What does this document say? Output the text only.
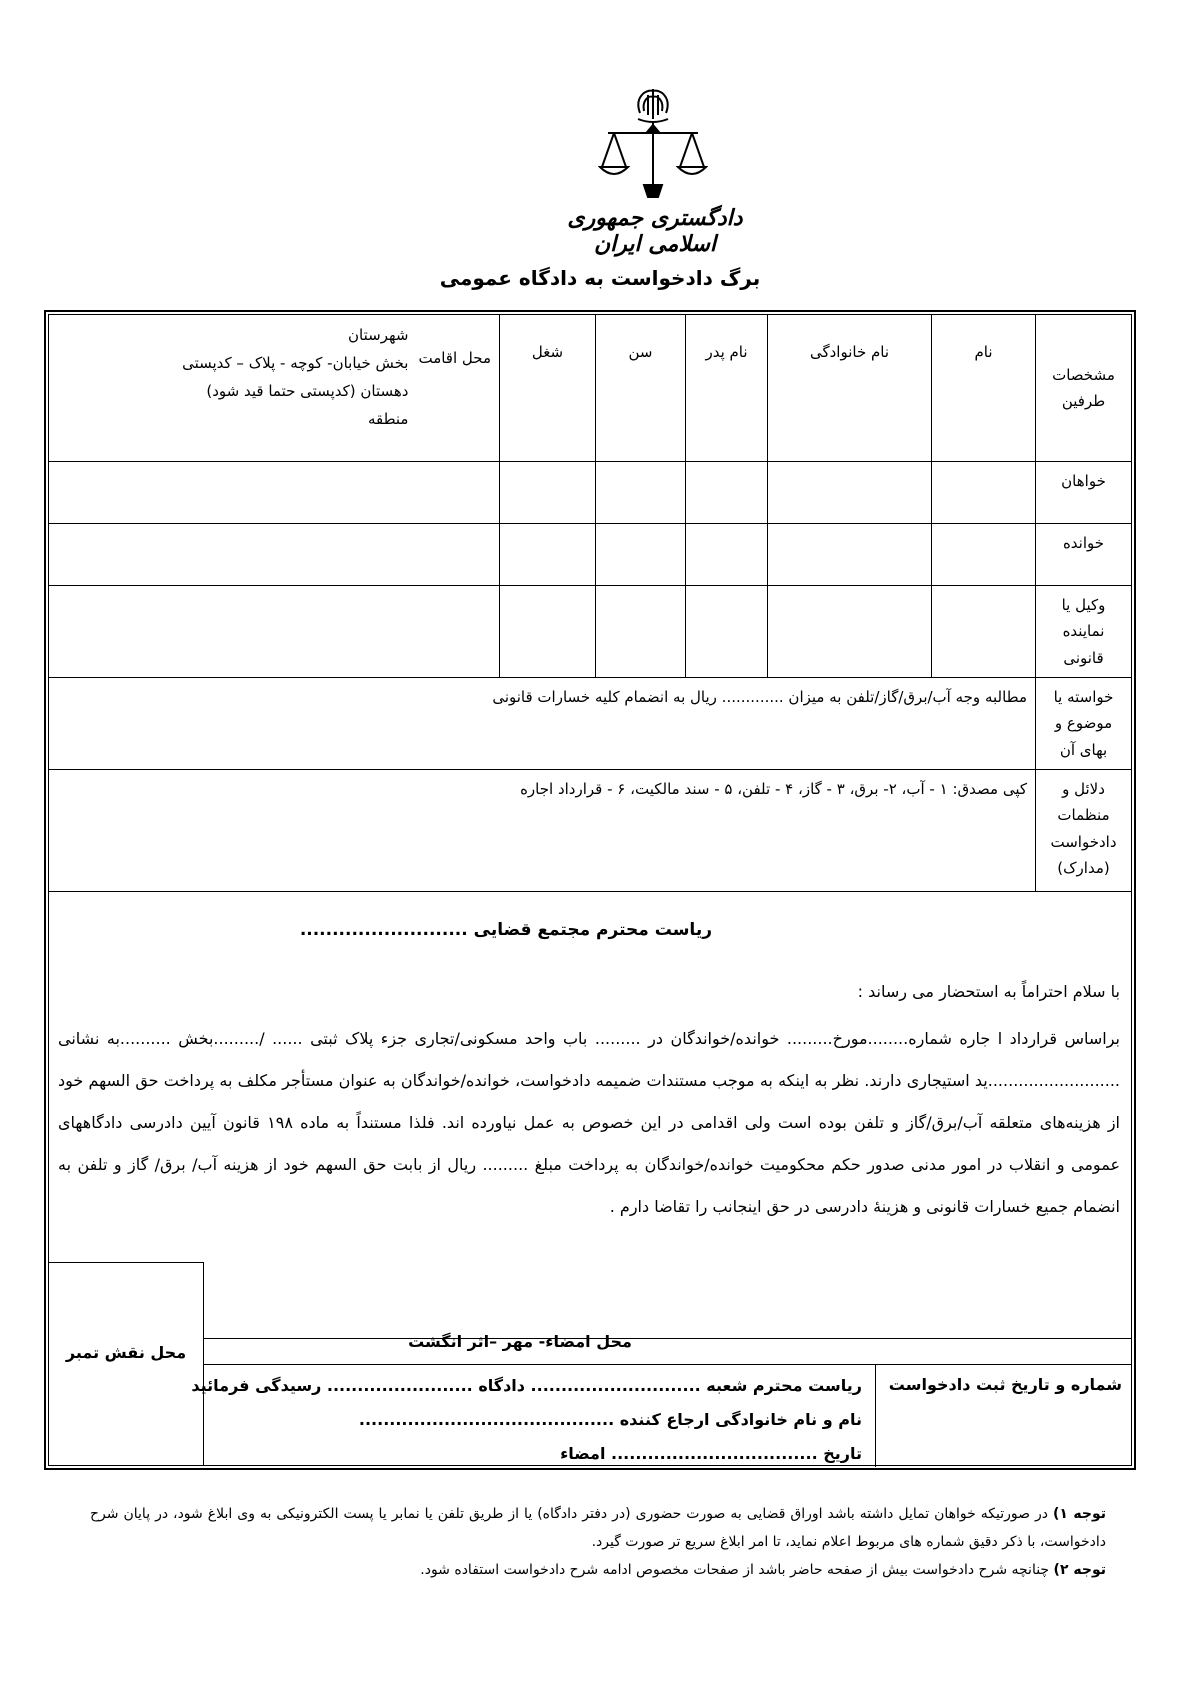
دادگستری جمهوری اسلامی ایران
برگ دادخواست به دادگاه عمومی
مشخصات طرفین	نام	نام خانوادگی	نام پدر	سن	شغل	محل اقامت
شهرستان
بخش خیابان- کوچه - پلاک – کدپستی
دهستان (کدپستی حتما قید شود)
منطقه

خواهان						
خوانده						
وکیل یا نماینده قانونی						
خواسته یا موضوع و بهای آن	مطالبه وجه آب/برق/گاز/تلفن به میزان ............. ریال به انضمام کلیه خسارات قانونی					
دلائل و منظمات دادخواست (مدارک)	کپی مصدق: ۱ - آب، ۲- برق، ۳ - گاز، ۴ - تلفن، ۵ - سند مالکیت، ۶ - قرارداد اجاره					
ریاست محترم مجتمع قضایی ..........................
با سلام احتراماً به استحضار می رساند :
براساس قرارداد ا جاره شماره........مورخ......... خوانده/خواندگان در ......... باب واحد مسکونی/تجاری جزء پلاک ثبتی ...... /.........بخش ..........به نشانی ..........................ید استیجاری دارند. نظر به اینکه به موجب مستندات ضمیمه دادخواست، خوانده/خواندگان به عنوان مستأجر مکلف به پرداخت حق السهم خود از هزینه‌های متعلقه آب/برق/گاز و تلفن بوده است ولی اقدامی در این خصوص به عمل نیاورده اند. فلذا مستنداً به ماده ۱۹۸ قانون آیین دادرسی دادگاههای عمومی و انقلاب در امور مدنی صدور حکم محکومیت خوانده/خواندگان به پرداخت مبلغ ......... ریال از بابت حق السهم خود از هزینه آب/ برق/ گاز و تلفن به انضمام جمیع خسارات قانونی و هزینهٔ دادرسی در حق اینجانب را تقاضا دارم .
محل نقش تمبر
محل امضاء- مهر –اثر انگشت
شماره و تاریخ ثبت دادخواست
ریاست محترم شعبه ............................ دادگاه ........................ رسیدگی فرمائید
نام و نام خانوادگی ارجاع کننده ..........................................
تاریخ .................................. امضاء
توجه ۱) در صورتیکه خواهان تمایل داشته باشد اوراق قضایی به صورت حضوری (در دفتر دادگاه) یا از طریق تلفن یا نمابر یا پست الکترونیکی به وی ابلاغ شود، در پایان شرح دادخواست، با ذکر دقیق شماره های مربوط اعلام نماید، تا امر ابلاغ سریع تر صورت گیرد.
توجه ۲) چنانچه شرح دادخواست بیش از صفحه حاضر باشد از صفحات مخصوص ادامه شرح دادخواست استفاده شود.
